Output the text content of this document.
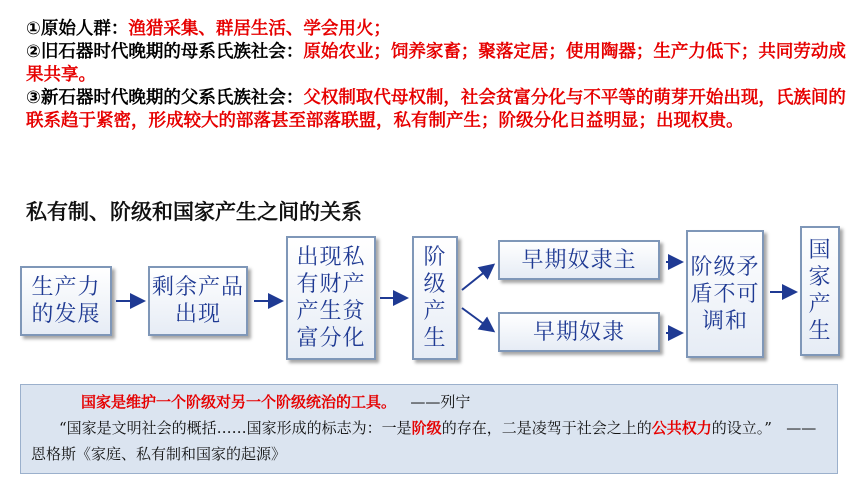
①原始人群：渔猎采集、群居生活、学会用火；
②旧石器时代晚期的母系氏族社会：原始农业；饲养家畜；聚落定居；使用陶器；生产力低下；共同劳动成果共享。
③新石器时代晚期的父系氏族社会：父权制取代母权制，社会贫富分化与不平等的萌芽开始出现，氏族间的联系趋于紧密，形成较大的部落甚至部落联盟，私有制产生；阶级分化日益明显；出现权贵。
私有制、阶级和国家产生之间的关系
生产力的发展
剩余产品出现
出现私有财产产生贫富分化
阶级产生
早期奴隶主
早期奴隶
阶级矛盾不可调和
国家产生
国家是维护一个阶级对另一个阶级统治的工具。 ——列宁
“国家是文明社会的概括……国家形成的标志为：一是阶级的存在，二是凌驾于社会之上的公共权力的设立。” ——恩格斯《家庭、私有制和国家的起源》
